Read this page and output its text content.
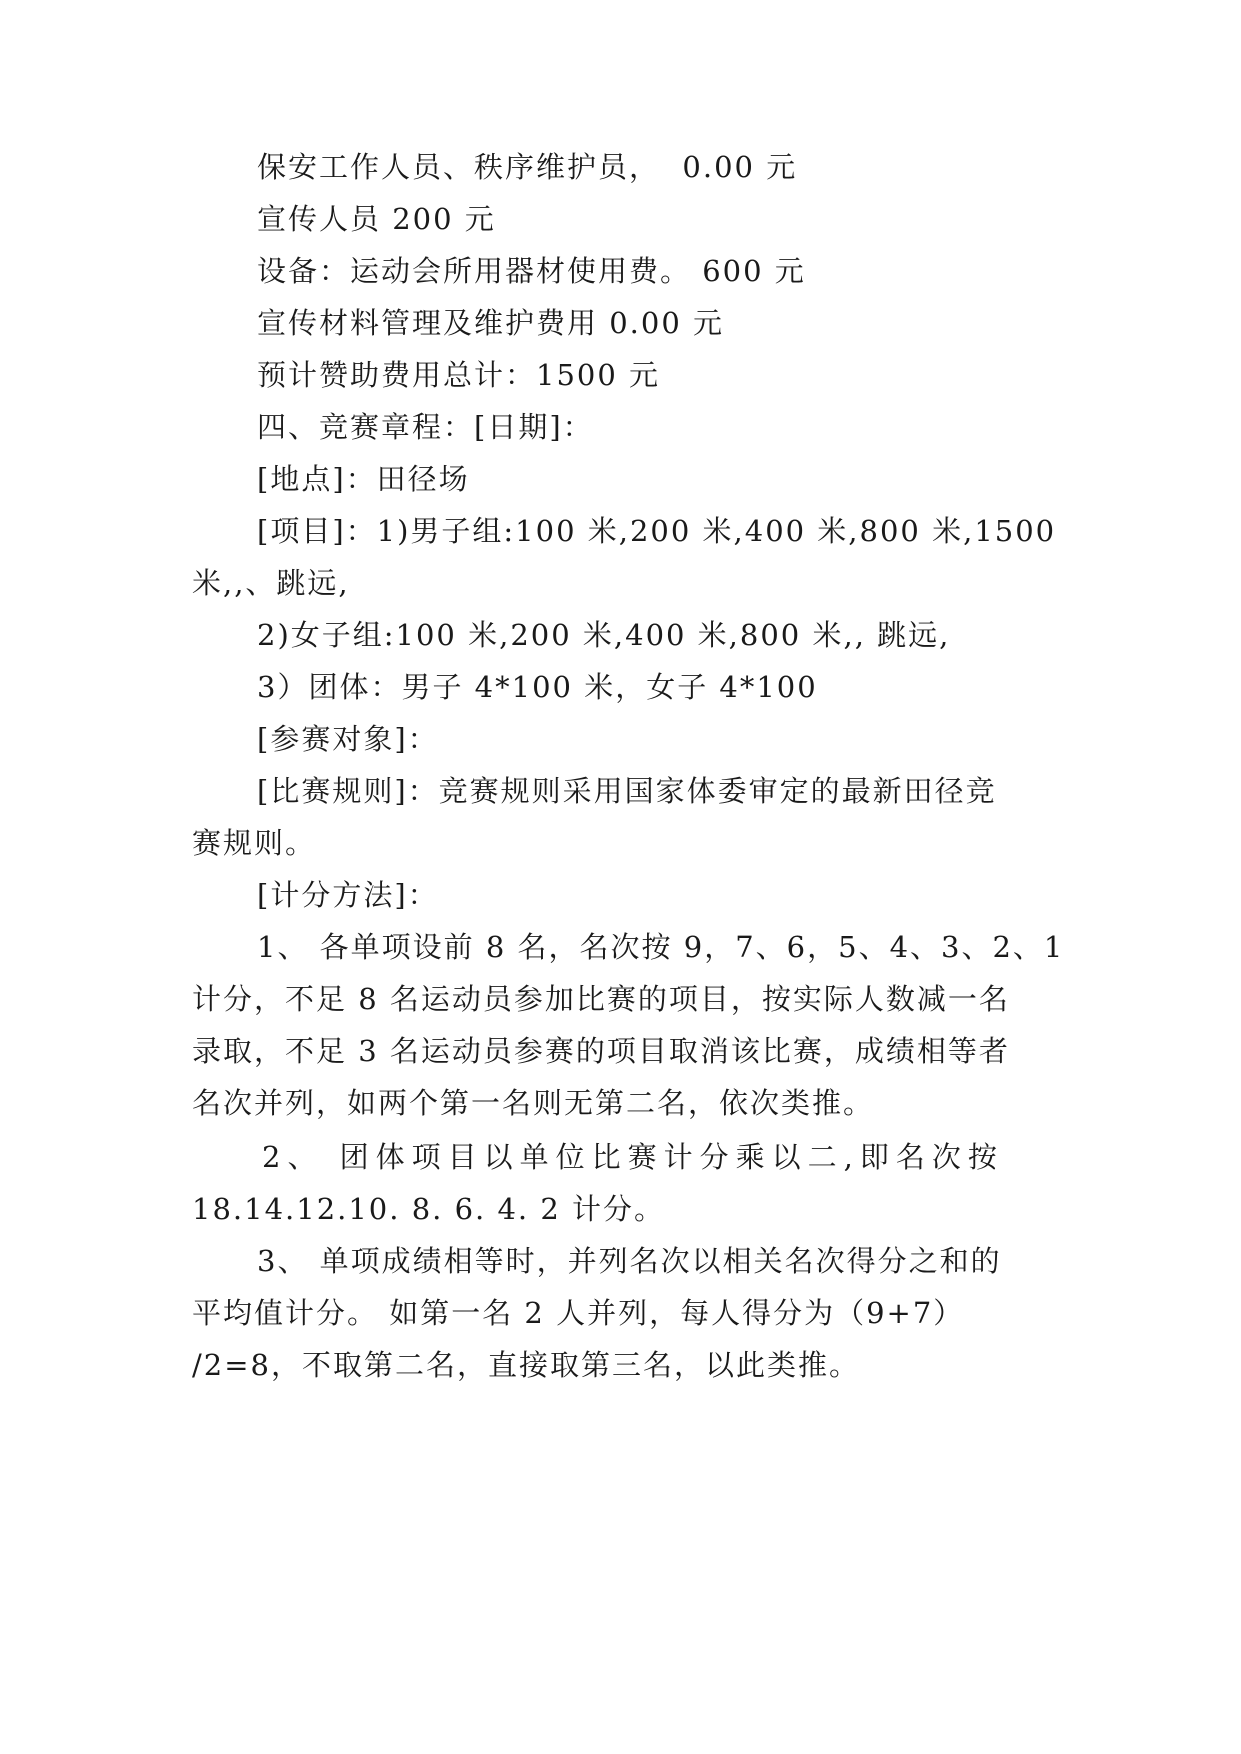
保安工作人员、秩序维护员，  0.00 元
宣传人员 200 元
设备：运动会所用器材使用费。 600 元
宣传材料管理及维护费用 0.00 元
预计赞助费用总计：1500 元
四、竞赛章程：[日期]：
[地点]：田径场
[项目]：1)男子组:100 米,200 米,400 米,800 米,1500
米,,、跳远,
2)女子组:100 米,200 米,400 米,800 米,, 跳远,
3）团体：男子 4*100 米，女子 4*100
[参赛对象]：
[比赛规则]：竞赛规则采用国家体委审定的最新田径竞
赛规则。
[计分方法]：
1、 各单项设前 8 名，名次按 9，7、6，5、4、3、2、1
计分，不足 8 名运动员参加比赛的项目，按实际人数减一名
录取，不足 3 名运动员参赛的项目取消该比赛，成绩相等者
名次并列，如两个第一名则无第二名，依次类推。
2、 团体项目以单位比赛计分乘以二,即名次按
18.14.12.10. 8. 6. 4. 2 计分。
3、 单项成绩相等时，并列名次以相关名次得分之和的
平均值计分。 如第一名 2 人并列，每人得分为（9+7）
/2=8，不取第二名，直接取第三名，以此类推。
